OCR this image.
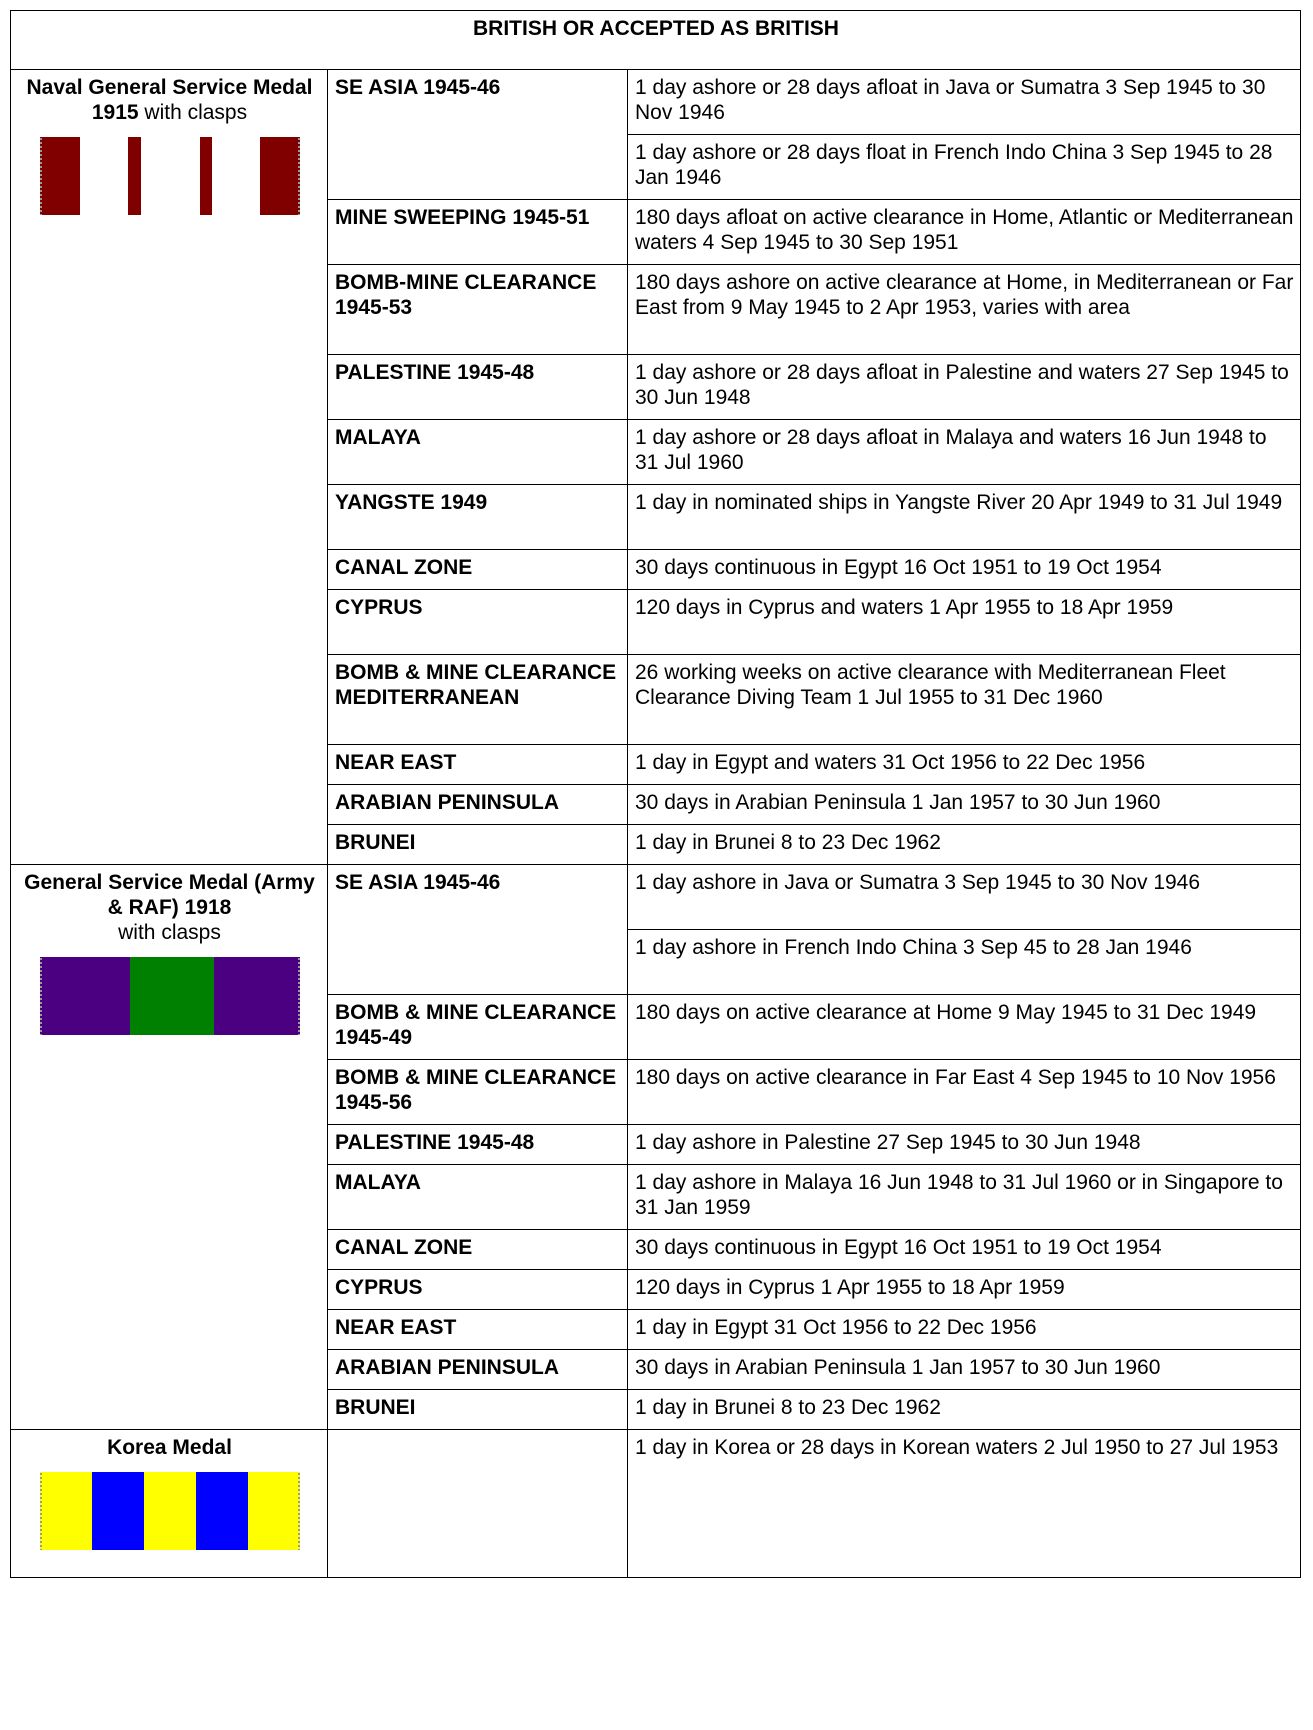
BRITISH OR ACCEPTED AS BRITISH		

Naval General Service Medal 1915 with clasps	SE ASIA 1945-46	1 day ashore or 28 days afloat in Java or Sumatra 3 Sep 1945 to 30 Nov 1946
		1 day ashore or 28 days float in French Indo China 3 Sep 1945 to 28 Jan 1946
	MINE SWEEPING 1945-51	180 days afloat on active clearance in Home, Atlantic or Mediterranean waters 4 Sep 1945 to 30 Sep 1951
	BOMB-MINE CLEARANCE 1945-53	180 days ashore on active clearance at Home, in Mediterranean or Far East from 9 May 1945 to 2 Apr 1953, varies with area
	PALESTINE 1945-48	1 day ashore or 28 days afloat in Palestine and waters 27 Sep 1945 to 30 Jun 1948
	MALAYA	1 day ashore or 28 days afloat in Malaya and waters 16 Jun 1948 to 31 Jul 1960
	YANGSTE 1949	1 day in nominated ships in Yangste River 20 Apr 1949 to 31 Jul 1949
	CANAL ZONE	30 days continuous in Egypt 16 Oct 1951 to 19 Oct 1954
	CYPRUS	120 days in Cyprus and waters 1 Apr 1955 to 18 Apr 1959
	BOMB & MINE CLEARANCE MEDITERRANEAN	26 working weeks on active clearance with Mediterranean Fleet Clearance Diving Team 1 Jul 1955 to 31 Dec 1960
	NEAR EAST	1 day in Egypt and waters 31 Oct 1956 to 22 Dec 1956
	ARABIAN PENINSULA	30 days in Arabian Peninsula 1 Jan 1957 to 30 Jun 1960
	BRUNEI	1 day in Brunei 8 to 23 Dec 1962

General Service Medal (Army & RAF) 1918
with clasps	SE ASIA 1945-46	1 day ashore in Java or Sumatra 3 Sep 1945 to 30 Nov 1946
		1 day ashore in French Indo China 3 Sep 45 to 28 Jan 1946
	BOMB & MINE CLEARANCE 1945-49	180 days on active clearance at Home 9 May 1945 to 31 Dec 1949
	BOMB & MINE CLEARANCE 1945-56	180 days on active clearance in Far East 4 Sep 1945 to 10 Nov 1956
	PALESTINE 1945-48	1 day ashore in Palestine 27 Sep 1945 to 30 Jun 1948
	MALAYA	1 day ashore in Malaya 16 Jun 1948 to 31 Jul 1960 or in Singapore to 31 Jan 1959
	CANAL ZONE	30 days continuous in Egypt 16 Oct 1951 to 19 Oct 1954
	CYPRUS	120 days in Cyprus 1 Apr 1955 to 18 Apr 1959
	NEAR EAST	1 day in Egypt 31 Oct 1956 to 22 Dec 1956
	ARABIAN PENINSULA	30 days in Arabian Peninsula 1 Jan 1957 to 30 Jun 1960
	BRUNEI	1 day in Brunei 8 to 23 Dec 1962

Korea Medal		1 day in Korea or 28 days in Korean waters 2 Jul 1950 to 27 Jul 1953
